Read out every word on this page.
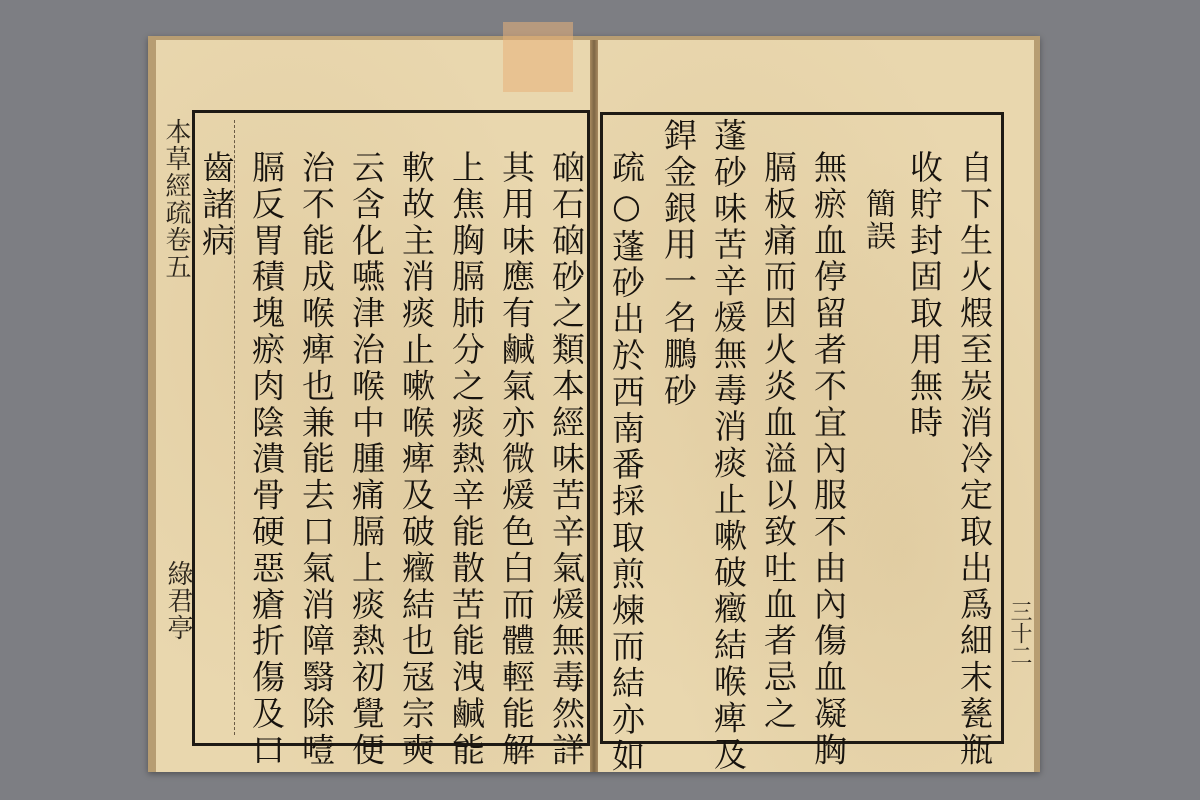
本草經疏卷五
綠君亭	三十二
硇石硇砂之類本經味苦辛氣煖無毒然詳
其用味應有鹹氣亦微煖色白而體輕能解
上焦胸膈肺分之痰熱辛能散苦能洩鹹能
軟故主消痰止嗽喉痺及破癥結也冦宗奭
云含化嚥津治喉中腫痛膈上痰熱初覺便
治不能成喉痺也兼能去口氣消障翳除噎
膈反胃積塊瘀肉陰潰骨硬惡瘡折傷及口
齒諸病	自下生火煆至炭消冷定取出爲細末甆瓶
收貯封固取用無時
簡誤
無瘀血停留者不宜內服不由內傷血凝胸
膈板痛而因火炎血溢以致吐血者忌之
蓬砂味苦辛煖無毒消痰止嗽破癥結喉痺及
銲金銀用一名鵬砂
疏○蓬砂出於西南番採取煎煉而結亦如
